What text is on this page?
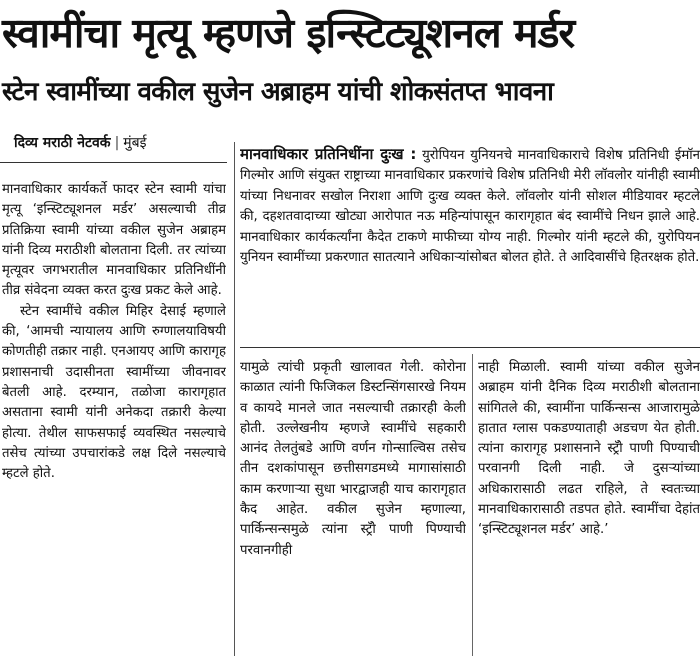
स्वामींचा मृत्यू म्हणजे इन्स्टिट्यूशनल मर्डर
स्टेन स्वामींच्या वकील सुजेन अब्राहम यांची शोकसंतप्त भावना
दिव्य मराठी नेटवर्क | मुंबई

मानवाधिकार कार्यकर्ते फादर स्टेन स्वामी यांचा मृत्यू ‘इन्स्टिट्यूशनल मर्डर’ असल्याची तीव्र प्रतिक्रिया स्वामी यांच्या वकील सुजेन अब्राहम यांनी दिव्य मराठीशी बोलताना दिली. तर त्यांच्या मृत्यूवर जगभरातील मानवाधिकार प्रतिनिधींनी तीव्र संवेदना व्यक्त करत दुःख प्रकट केले आहे.

स्टेन स्वामींचे वकील मिहिर देसाई म्हणाले की, ‘आमची न्यायालय आणि रुग्णालयाविषयी कोणतीही तक्रार नाही. एनआयए आणि कारागृह प्रशासनाची उदासीनता स्वामींच्या जीवनावर बेतली आहे. दरम्यान, तळोजा कारागृहात असताना स्वामी यांनी अनेकदा तक्रारी केल्या होत्या. तेथील साफसफाई व्यवस्थित नसल्याचे तसेच त्यांच्या उपचारांकडे लक्ष दिले नसल्याचे म्हटले होते.

मानवाधिकार प्रतिनिधींना दुःख : युरोपियन युनियनचे मानवाधिकाराचे विशेष प्रतिनिधी ईमॉन गिल्मोर आणि संयुक्त राष्ट्राच्या मानवाधिकार प्रकरणांचे विशेष प्रतिनिधी मेरी लॉवलोर यांनीही स्वामी यांच्या निधनावर सखोल निराशा आणि दुःख व्यक्त केले. लॉवलोर यांनी सोशल मीडियावर म्हटले की, दहशतवादाच्या खोट्या आरोपात नऊ महिन्यांपासून कारागृहात बंद स्वामींचे निधन झाले आहे. मानवाधिकार कार्यकर्त्यांना कैदेत टाकणे माफीच्या योग्य नाही. गिल्मोर यांनी म्हटले की, युरोपियन युनियन स्वामींच्या प्रकरणात सातत्याने अधिकाऱ्यांसोबत बोलत होते. ते आदिवासींचे हितरक्षक होते.

यामुळे त्यांची प्रकृती खालावत गेली. कोरोना काळात त्यांनी फिजिकल डिस्टन्सिंगसारखे नियम व कायदे मानले जात नसल्याची तक्रारही केली होती. उल्लेखनीय म्हणजे स्वामींचे सहकारी आनंद तेलतुंबडे आणि वर्णन गोन्साल्विस तसेच तीन दशकांपासून छत्तीसगडमध्ये मागासांसाठी काम करणाऱ्या सुधा भारद्वाजही याच कारागृहात कैद आहेत. वकील सुजेन म्हणाल्या, पार्किन्सन्समुळे त्यांना स्ट्रॅाे पाणी पिण्याची परवानगीही

नाही मिळाली. स्वामी यांच्या वकील सुजेन अब्राहम यांनी दैनिक दिव्य मराठीशी बोलताना सांगितले की, स्वामींना पार्किन्सन्स आजारामुळे हातात ग्लास पकडण्याताही अडचण येत होती. त्यांना कारागृह प्रशासनाने स्ट्रॅाे पाणी पिण्याची परवानगी दिली नाही. जे दुसऱ्यांच्या अधिकारासाठी लढत राहिले, ते स्वतःच्या मानवाधिकारासाठी तडपत होते. स्वामींचा देहांत ‘इन्स्टिट्यूशनल मर्डर’ आहे.’
